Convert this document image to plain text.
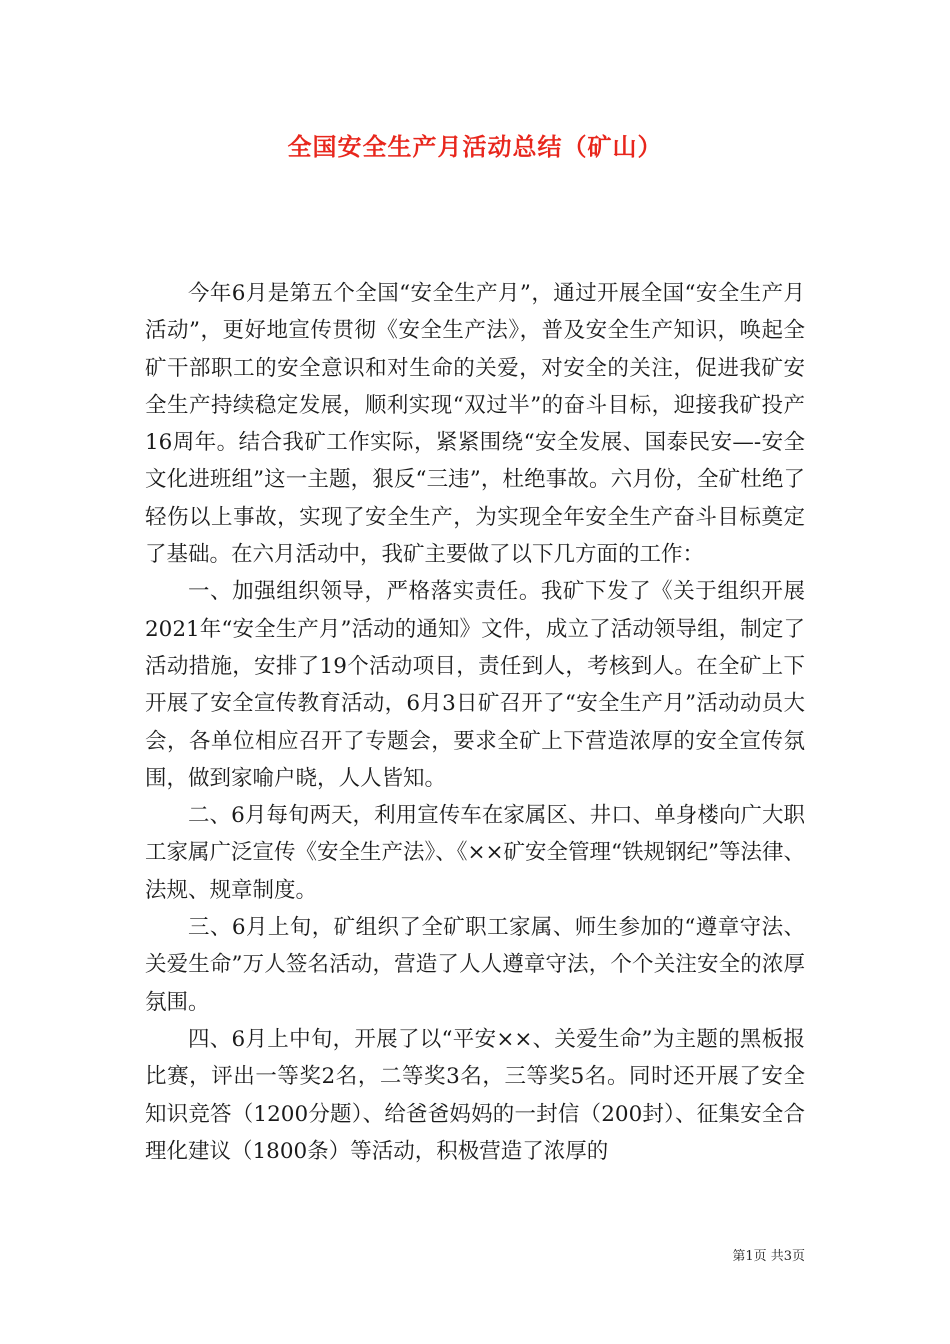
全国安全生产月活动总结（矿山）

今年6月是第五个全国“安全生产月”，通过开展全国“安全生产月活动”，更好地宣传贯彻《安全生产法》，普及安全生产知识，唤起全矿干部职工的安全意识和对生命的关爱，对安全的关注，促进我矿安全生产持续稳定发展，顺利实现“双过半”的奋斗目标，迎接我矿投产16周年。结合我矿工作实际，紧紧围绕“安全发展、国泰民安—-安全文化进班组”这一主题，狠反“三违”，杜绝事故。六月份，全矿杜绝了轻伤以上事故，实现了安全生产，为实现全年安全生产奋斗目标奠定了基础。在六月活动中，我矿主要做了以下几方面的工作：

一、加强组织领导，严格落实责任。我矿下发了《关于组织开展2021年“安全生产月”活动的通知》文件，成立了活动领导组，制定了活动措施，安排了19个活动项目，责任到人，考核到人。在全矿上下开展了安全宣传教育活动，6月3日矿召开了“安全生产月”活动动员大会，各单位相应召开了专题会，要求全矿上下营造浓厚的安全宣传氛围，做到家喻户晓，人人皆知。

二、6月每旬两天，利用宣传车在家属区、井口、单身楼向广大职工家属广泛宣传《安全生产法》、《××矿安全管理“铁规钢纪”等法律、法规、规章制度。

三、6月上旬，矿组织了全矿职工家属、师生参加的“遵章守法、关爱生命”万人签名活动，营造了人人遵章守法，个个关注安全的浓厚氛围。

四、6月上中旬，开展了以“平安××、关爱生命”为主题的黑板报比赛，评出一等奖2名，二等奖3名，三等奖5名。同时还开展了安全知识竞答（1200分题）、给爸爸妈妈的一封信（200封）、征集安全合理化建议（1800条）等活动，积极营造了浓厚的

第1页 共3页
